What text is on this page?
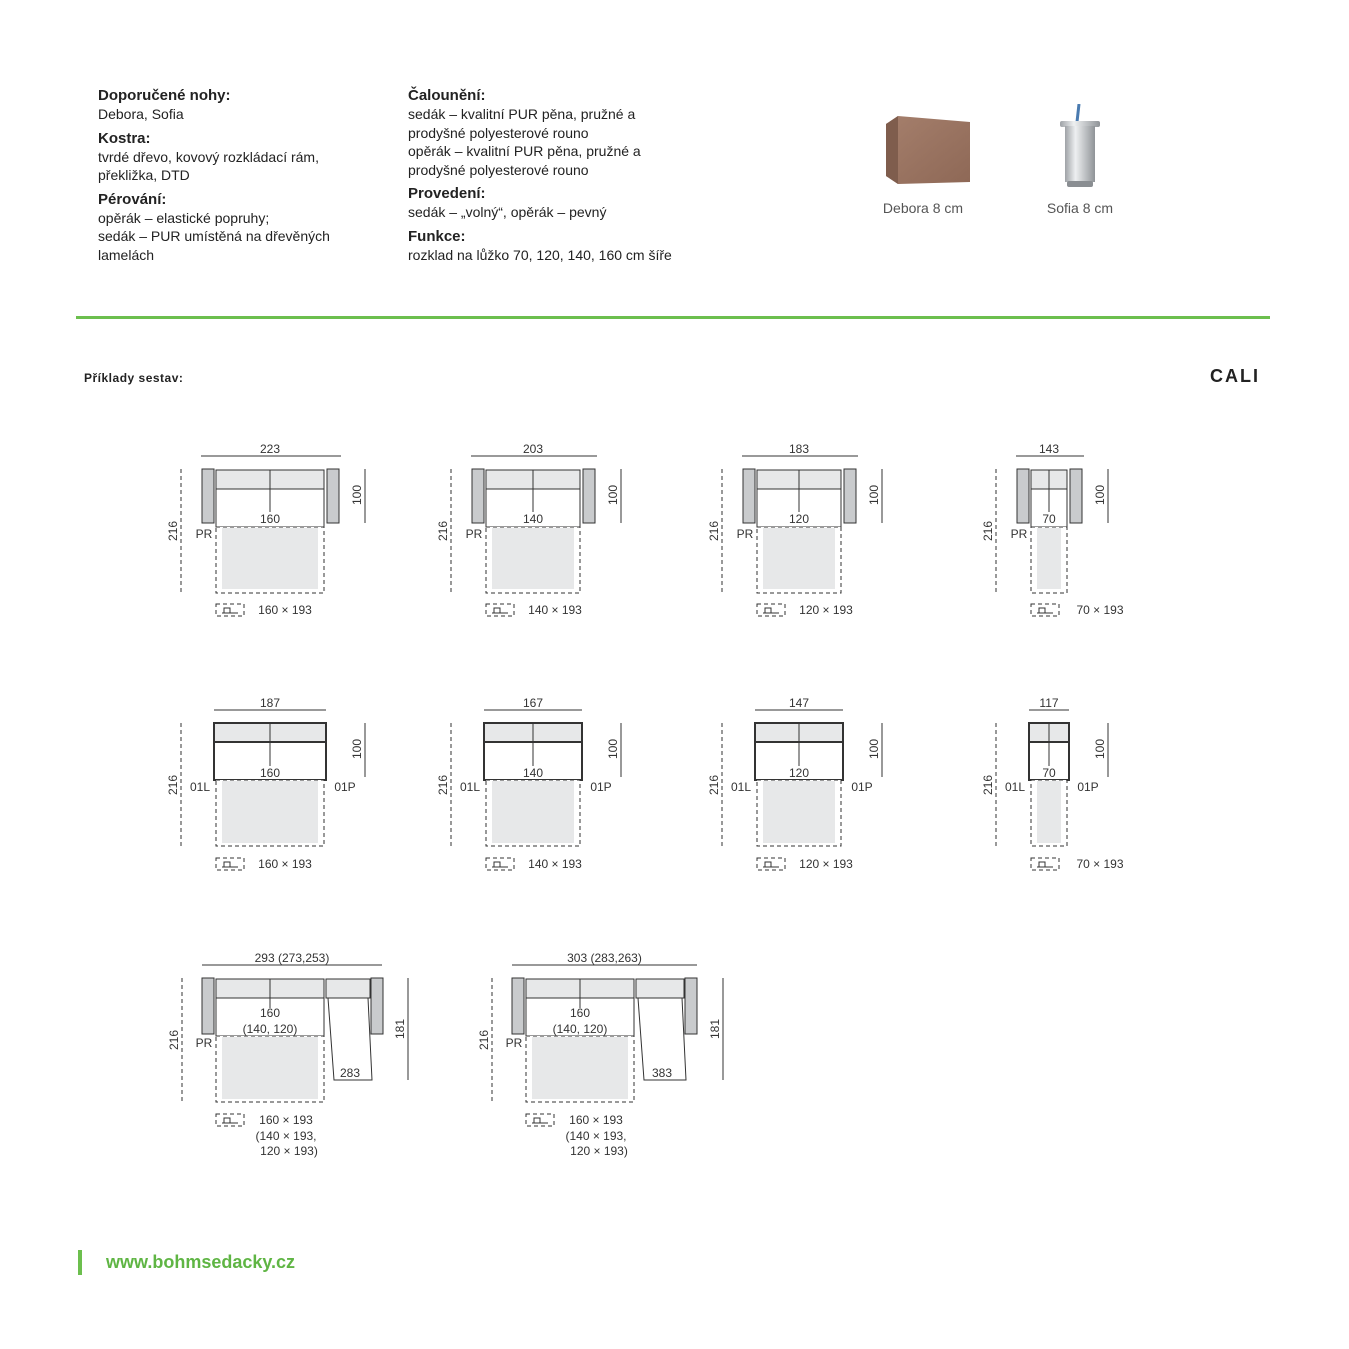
Doporučené nohy:

Debora, Sofia

Kostra:

tvrdé dřevo, kovový rozkládací rám, překližka, DTD

Pérování:

opěrák – elastické popruhy;

sedák – PUR umístěná na dřevěných lamelách

Čalounění:

sedák – kvalitní PUR pěna, pružné a prodyšné polyesterové rouno

opěrák – kvalitní PUR pěna, pružné a prodyšné polyesterové rouno

Provedení:

sedák – „volný“, opěrák – pevný

Funkce:

rozklad na lůžko 70, 120, 140, 160 cm šíře

Debora 8 cm	Sofia 8 cm
Příklady sestav:	CALI
223
160
216
100
PR
160 × 193
203
140
216
100
PR
140 × 193
183
120
216
100
PR
120 × 193
143
70
216
100
PR
70 × 193
187
160
216
100
01L	01P
160 × 193
167
140
216
100
01L	01P
140 × 193
147
120
216
100
01L	01P
120 × 193
117
70
216
100
01L	01P
70 × 193
293 (273,253)
160
(140, 120)
283
216
181
PR
160 × 193
(140 × 193,
120 × 193)
303 (283,263)
160
(140, 120)
383
216
181
PR
160 × 193
(140 × 193,
120 × 193)
www.bohmsedacky.cz
